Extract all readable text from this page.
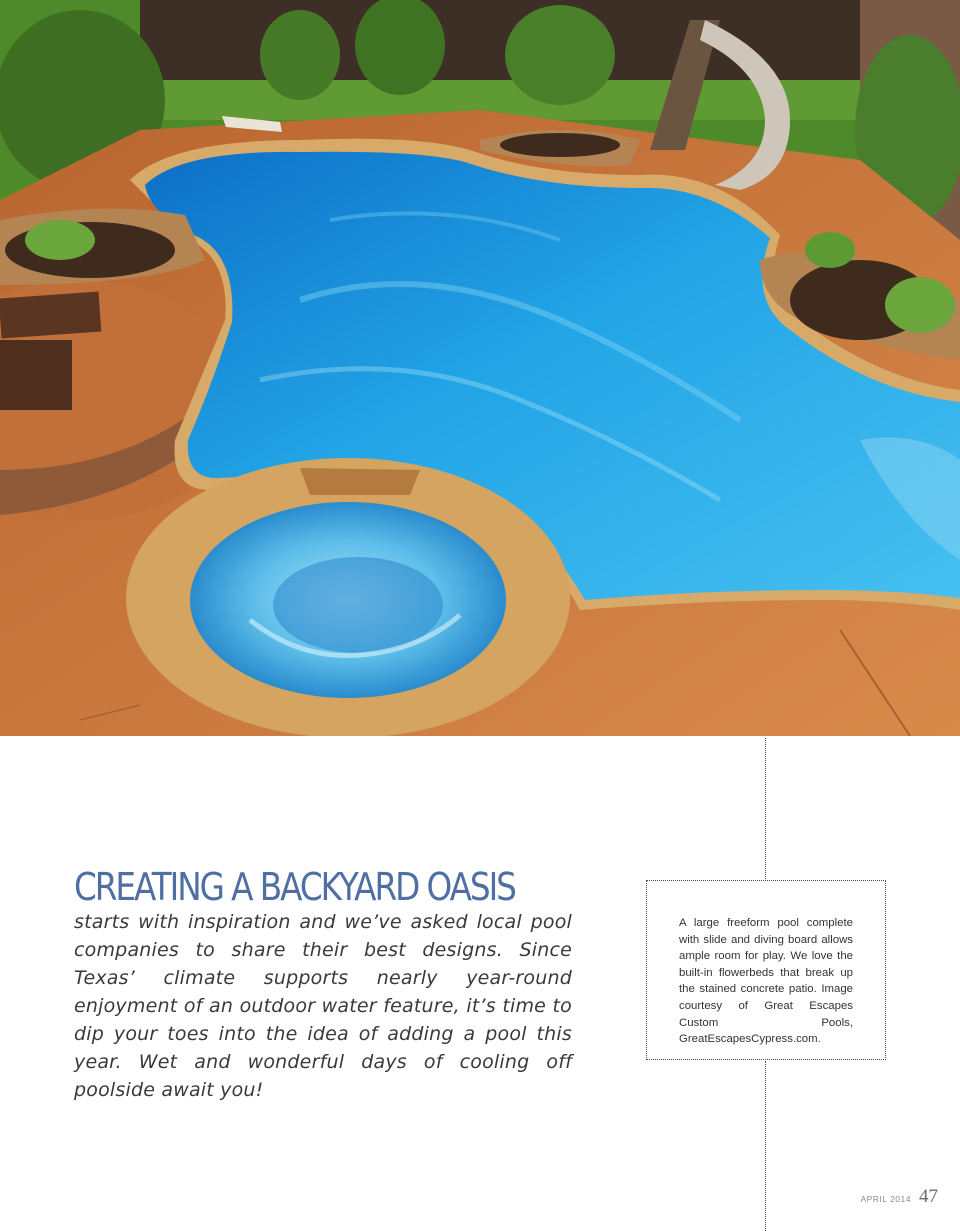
CREATING A BACKYARD OASIS starts with inspiration and we’ve asked local pool companies to share their best designs. Since Texas’ climate supports nearly year-round enjoyment of an outdoor water feature, it’s time to dip your toes into the idea of adding a pool this year. Wet and wonderful days of cooling off poolside await you!

A large freeform pool complete with slide and diving board allows ample room for play. We love the built-in flowerbeds that break up the stained concrete patio. Image courtesy of Great Escapes Custom Pools, GreatEscapesCypress.com.

APRIL 2014 47
